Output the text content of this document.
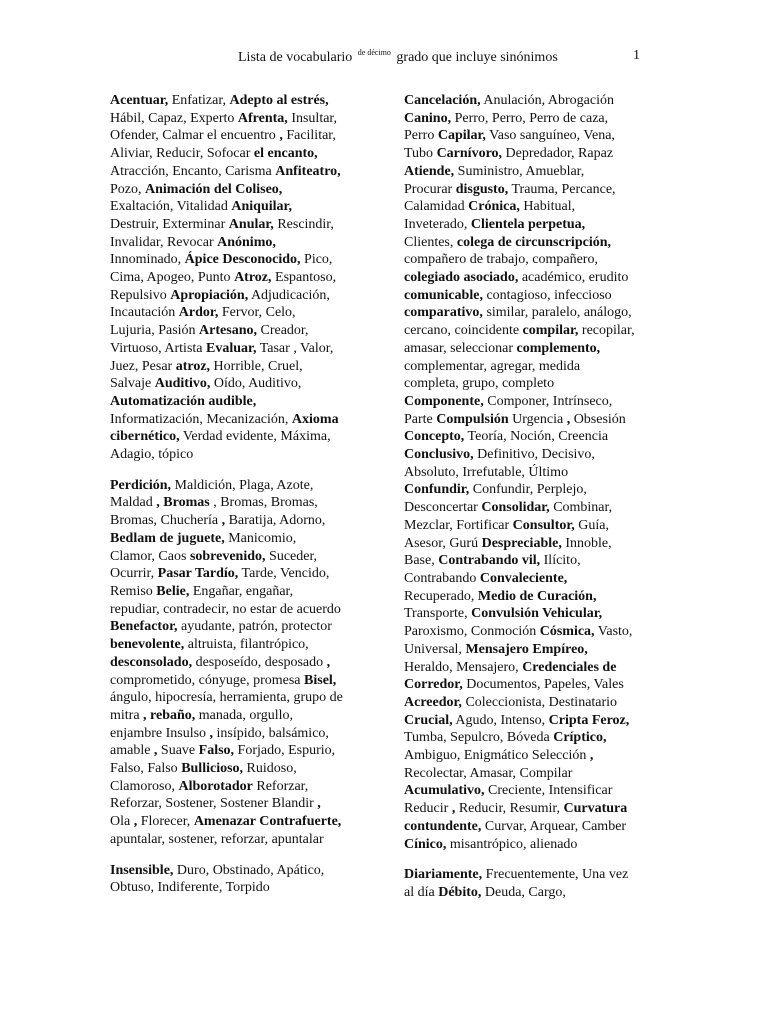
Lista de vocabulario $^{de décimo}$ grado que incluye sinónimos	1

Acentuar, Enfatizar, Adepto al estrés,

Hábil, Capaz, Experto Afrenta, Insultar,

Ofender, Calmar el encuentro , Facilitar,

Aliviar, Reducir, Sofocar el encanto,

Atracción, Encanto, Carisma Anfiteatro,

Pozo, Animación del Coliseo,

Exaltación, Vitalidad Aniquilar,

Destruir, Exterminar Anular, Rescindir,

Invalidar, Revocar Anónimo,

Innominado, Ápice Desconocido, Pico,

Cima, Apogeo, Punto Atroz, Espantoso,

Repulsivo Apropiación, Adjudicación,

Incautación Ardor, Fervor, Celo,

Lujuria, Pasión Artesano, Creador,

Virtuoso, Artista Evaluar, Tasar , Valor,

Juez, Pesar atroz, Horrible, Cruel,

Salvaje Auditivo, Oído, Auditivo,

Automatización audible,

Informatización, Mecanización, Axioma

cibernético, Verdad evidente, Máxima,

Adagio, tópico

Perdición, Maldición, Plaga, Azote,

Maldad , Bromas , Bromas, Bromas,

Bromas, Chuchería , Baratija, Adorno,

Bedlam de juguete, Manicomio,

Clamor, Caos sobrevenido, Suceder,

Ocurrir, Pasar Tardío, Tarde, Vencido,

Remiso Belie, Engañar, engañar,

repudiar, contradecir, no estar de acuerdo

Benefactor, ayudante, patrón, protector

benevolente, altruista, filantrópico,

desconsolado, desposeído, desposado ,

comprometido, cónyuge, promesa Bisel,

ángulo, hipocresía, herramienta, grupo de

mitra , rebaño, manada, orgullo,

enjambre Insulso , insípido, balsámico,

amable , Suave Falso, Forjado, Espurio,

Falso, Falso Bullicioso, Ruidoso,

Clamoroso, Alborotador Reforzar,

Reforzar, Sostener, Sostener Blandir ,

Ola , Florecer, Amenazar Contrafuerte,

apuntalar, sostener, reforzar, apuntalar

Insensible, Duro, Obstinado, Apático,

Obtuso, Indiferente, Torpido

Cancelación, Anulación, Abrogación

Canino, Perro, Perro, Perro de caza,

Perro Capilar, Vaso sanguíneo, Vena,

Tubo Carnívoro, Depredador, Rapaz

Atiende, Suministro, Amueblar,

Procurar disgusto, Trauma, Percance,

Calamidad Crónica, Habitual,

Inveterado, Clientela perpetua,

Clientes, colega de circunscripción,

compañero de trabajo, compañero,

colegiado asociado, académico, erudito

comunicable, contagioso, infeccioso

comparativo, similar, paralelo, análogo,

cercano, coincidente compilar, recopilar,

amasar, seleccionar complemento,

complementar, agregar, medida

completa, grupo, completo

Componente, Componer, Intrínseco,

Parte Compulsión Urgencia , Obsesión

Concepto, Teoría, Noción, Creencia

Conclusivo, Definitivo, Decisivo,

Absoluto, Irrefutable, Último

Confundir, Confundir, Perplejo,

Desconcertar Consolidar, Combinar,

Mezclar, Fortificar Consultor, Guía,

Asesor, Gurú Despreciable, Innoble,

Base, Contrabando vil, Ilícito,

Contrabando Convaleciente,

Recuperado, Medio de Curación,

Transporte, Convulsión Vehicular,

Paroxismo, Conmoción Cósmica, Vasto,

Universal, Mensajero Empíreo,

Heraldo, Mensajero, Credenciales de

Corredor, Documentos, Papeles, Vales

Acreedor, Coleccionista, Destinatario

Crucial, Agudo, Intenso, Cripta Feroz,

Tumba, Sepulcro, Bóveda Críptico,

Ambiguo, Enigmático Selección ,

Recolectar, Amasar, Compilar

Acumulativo, Creciente, Intensificar

Reducir , Reducir, Resumir, Curvatura

contundente, Curvar, Arquear, Camber

Cínico, misantrópico, alienado

Diariamente, Frecuentemente, Una vez

al día Débito, Deuda, Cargo,
